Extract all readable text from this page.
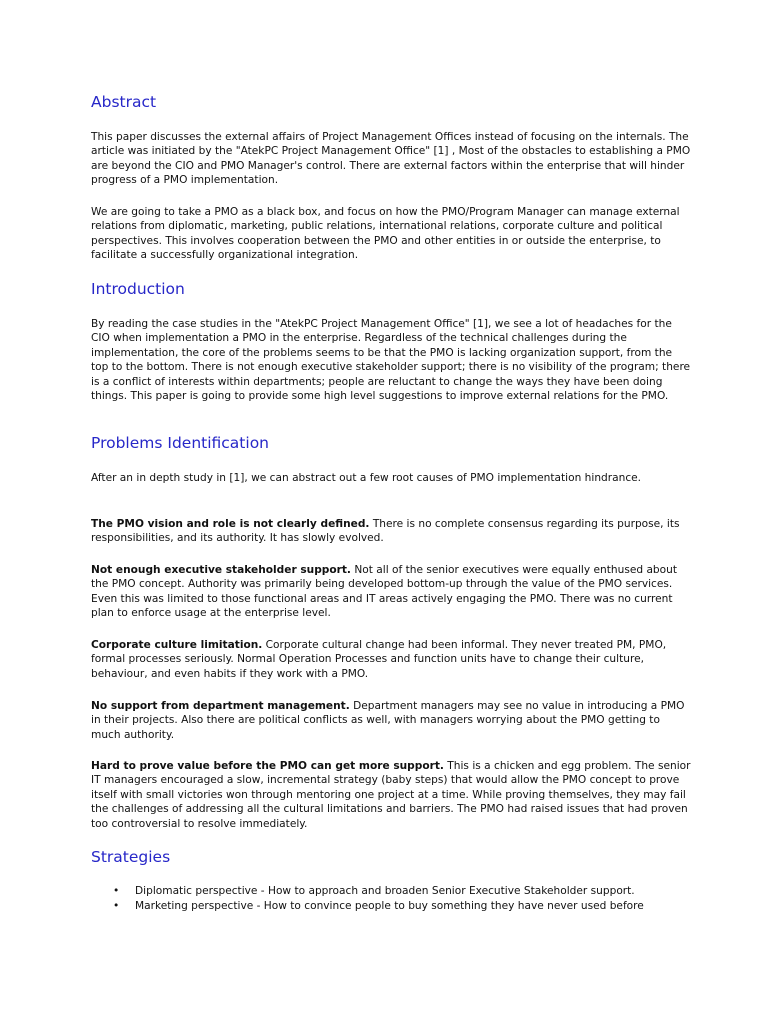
Abstract

This paper discusses the external affairs of Project Management Offices instead of focusing on the internals. The article was initiated by the "AtekPC Project Management Office" [1] , Most of the obstacles to establishing a PMO are beyond the CIO and PMO Manager's control. There are external factors within the enterprise that will hinder progress of a PMO implementation.

We are going to take a PMO as a black box, and focus on how the PMO/Program Manager can manage external relations from diplomatic, marketing, public relations, international relations, corporate culture and political perspectives. This involves cooperation between the PMO and other entities in or outside the enterprise, to facilitate a successfully organizational integration.

Introduction

By reading the case studies in the "AtekPC Project Management Office" [1], we see a lot of headaches for the CIO when implementation a PMO in the enterprise. Regardless of the technical challenges during the implementation, the core of the problems seems to be that the PMO is lacking organization support, from the top to the bottom. There is not enough executive stakeholder support; there is no visibility of the program; there is a conflict of interests within departments; people are reluctant to change the ways they have been doing things. This paper is going to provide some high level suggestions to improve external relations for the PMO.

Problems Identification

After an in depth study in [1], we can abstract out a few root causes of PMO implementation hindrance.

The PMO vision and role is not clearly defined. There is no complete consensus regarding its purpose, its responsibilities, and its authority. It has slowly evolved.

Not enough executive stakeholder support. Not all of the senior executives were equally enthused about the PMO concept. Authority was primarily being developed bottom-up through the value of the PMO services. Even this was limited to those functional areas and IT areas actively engaging the PMO. There was no current plan to enforce usage at the enterprise level.

Corporate culture limitation. Corporate cultural change had been informal. They never treated PM, PMO, formal processes seriously. Normal Operation Processes and function units have to change their culture, behaviour, and even habits if they work with a PMO.

No support from department management. Department managers may see no value in introducing a PMO in their projects. Also there are political conflicts as well, with managers worrying about the PMO getting to much authority.

Hard to prove value before the PMO can get more support. This is a chicken and egg problem. The senior IT managers encouraged a slow, incremental strategy (baby steps) that would allow the PMO concept to prove itself with small victories won through mentoring one project at a time. While proving themselves, they may fail the challenges of addressing all the cultural limitations and barriers. The PMO had raised issues that had proven too controversial to resolve immediately.

Strategies
• Diplomatic perspective - How to approach and broaden Senior Executive Stakeholder support.
• Marketing perspective - How to convince people to buy something they have never used before
